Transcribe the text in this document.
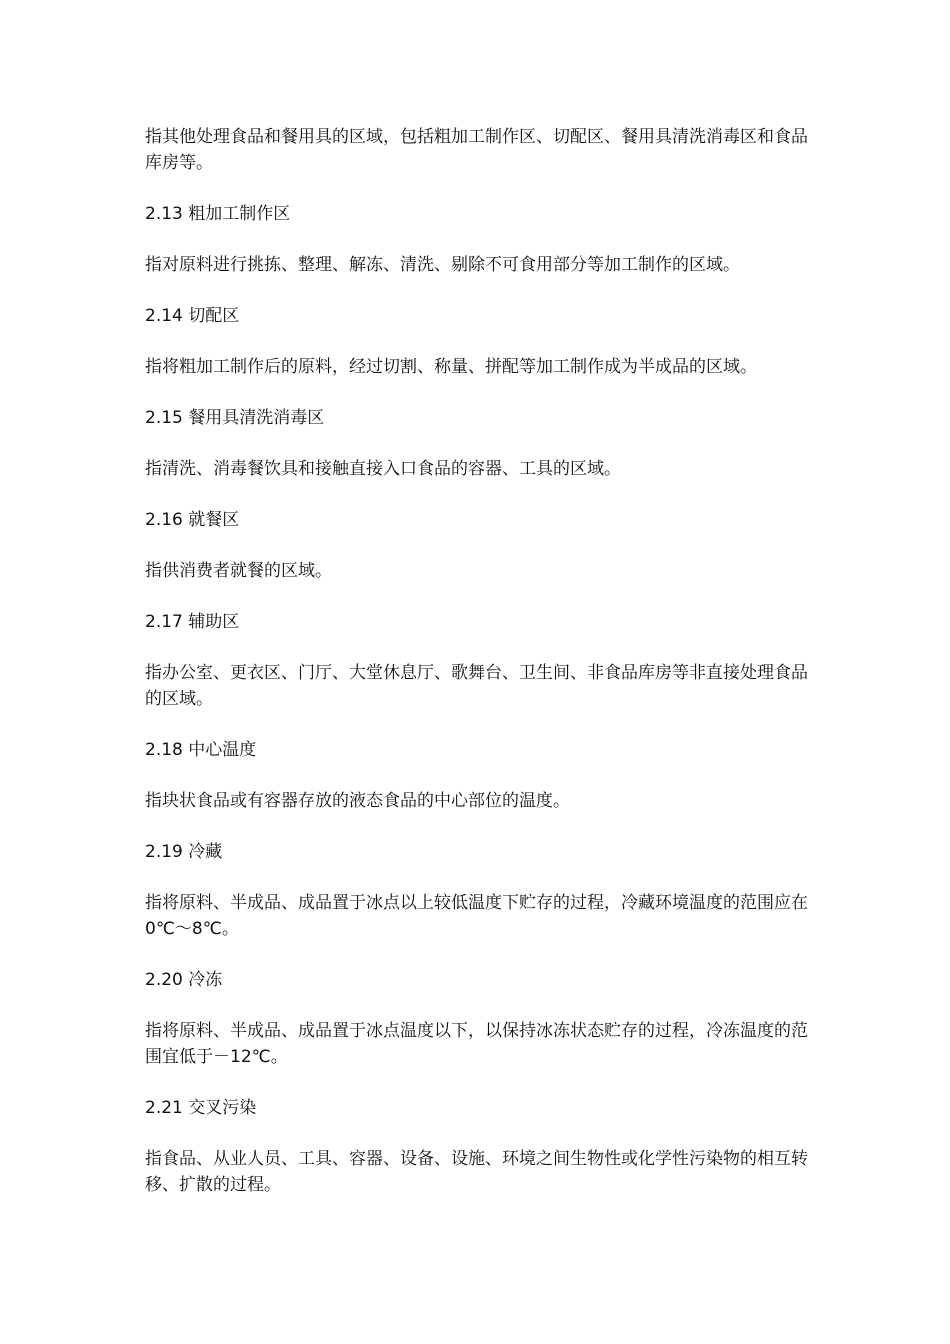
指其他处理食品和餐用具的区域，包括粗加工制作区、切配区、餐用具清洗消毒区和食品库房等。

2.13 粗加工制作区

指对原料进行挑拣、整理、解冻、清洗、剔除不可食用部分等加工制作的区域。

2.14 切配区

指将粗加工制作后的原料，经过切割、称量、拼配等加工制作成为半成品的区域。

2.15 餐用具清洗消毒区

指清洗、消毒餐饮具和接触直接入口食品的容器、工具的区域。

2.16 就餐区

指供消费者就餐的区域。

2.17 辅助区

指办公室、更衣区、门厅、大堂休息厅、歌舞台、卫生间、非食品库房等非直接处理食品的区域。

2.18 中心温度

指块状食品或有容器存放的液态食品的中心部位的温度。

2.19 冷藏

指将原料、半成品、成品置于冰点以上较低温度下贮存的过程，冷藏环境温度的范围应在 0℃～8℃。

2.20 冷冻

指将原料、半成品、成品置于冰点温度以下，以保持冰冻状态贮存的过程，冷冻温度的范围宜低于－12℃。

2.21 交叉污染

指食品、从业人员、工具、容器、设备、设施、环境之间生物性或化学性污染物的相互转移、扩散的过程。
